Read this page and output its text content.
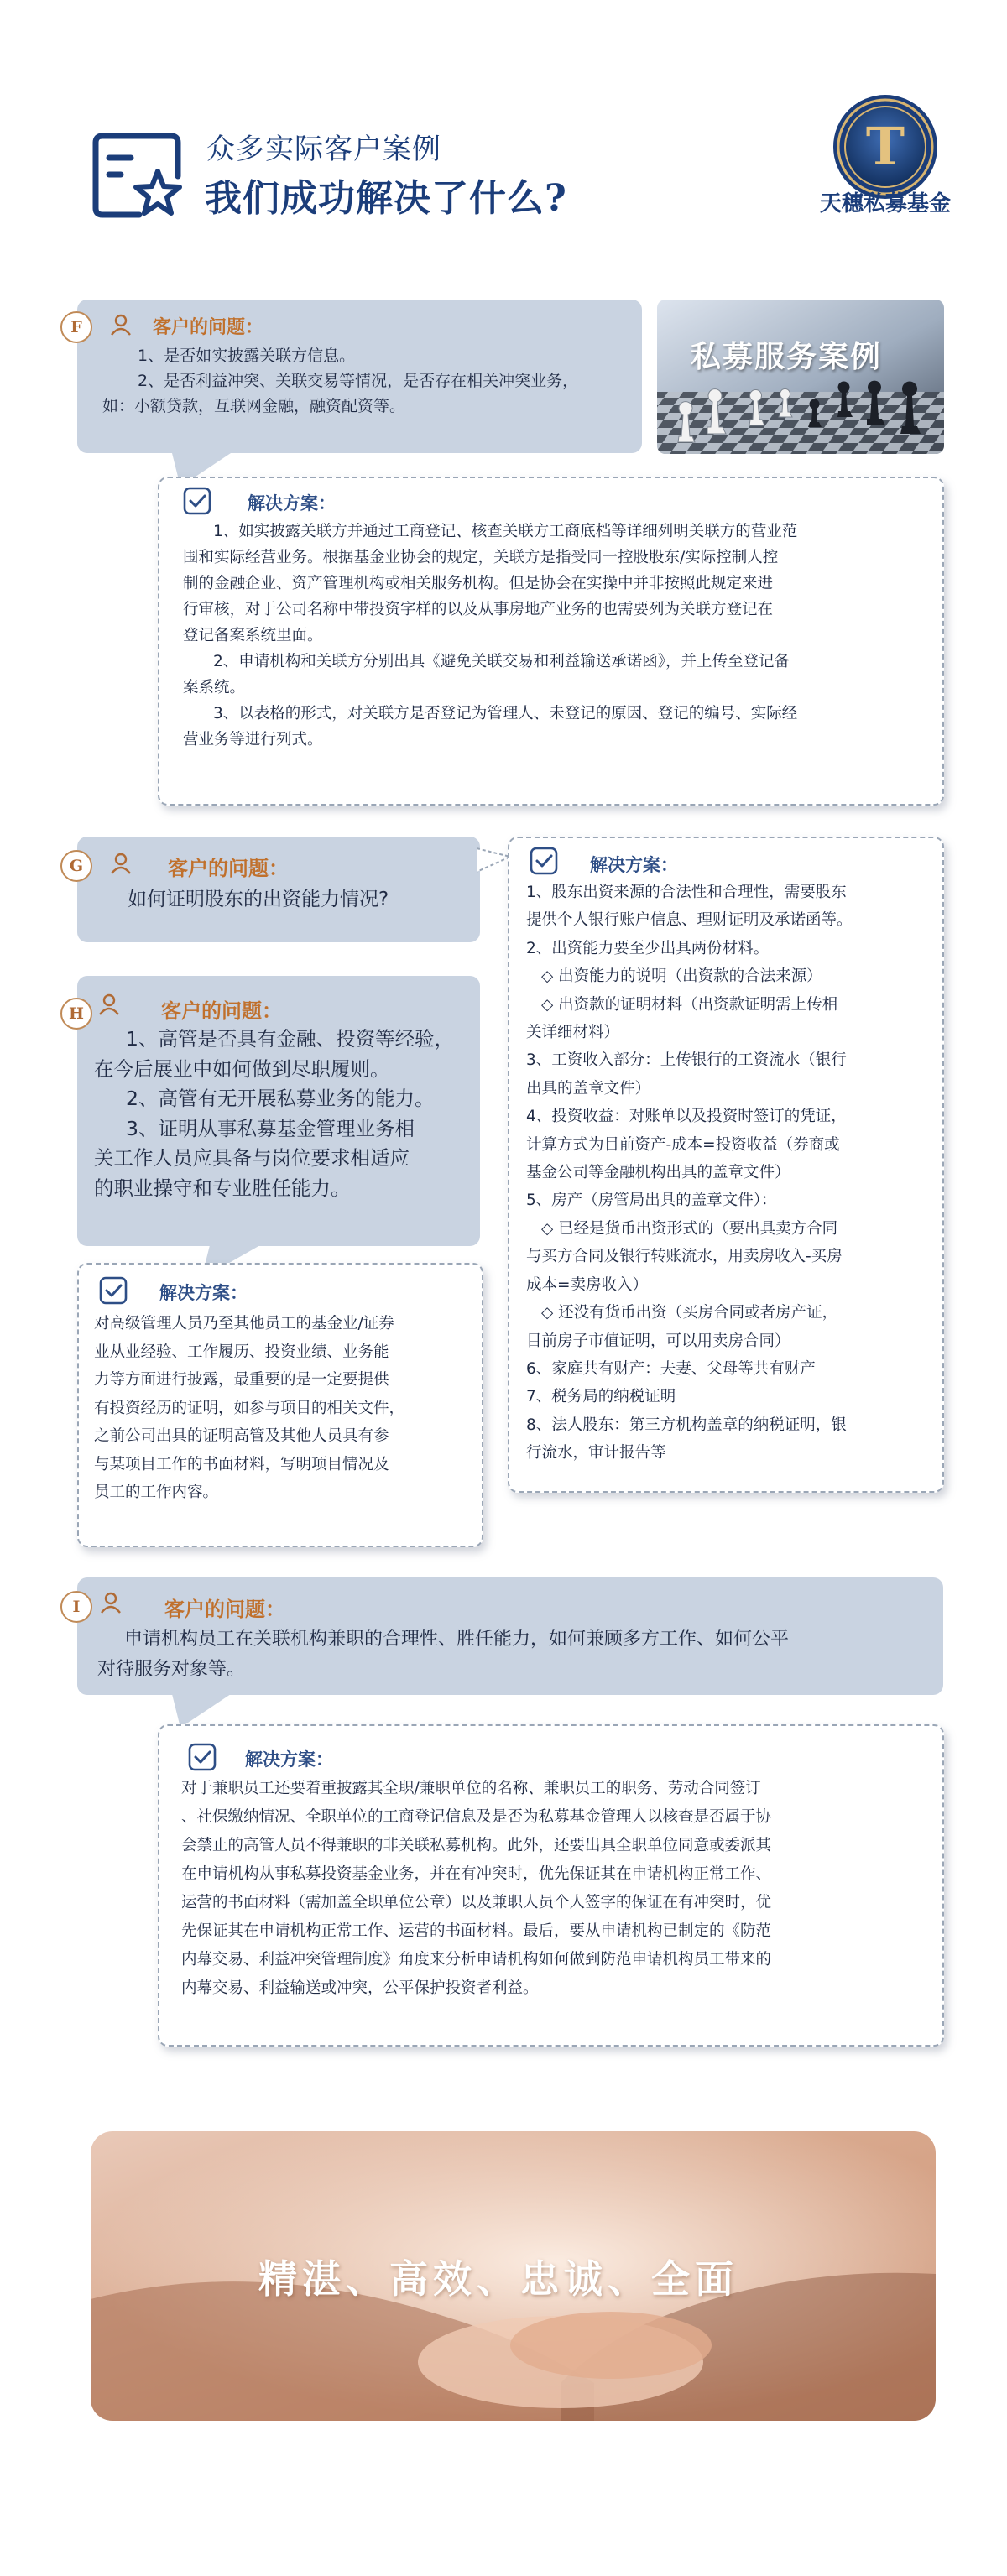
众多实际客户案例
我们成功解决了什么?
T
天穗私募基金
F	客户的问题：
1、是否如实披露关联方信息。
2、是否利益冲突、关联交易等情况，是否存在相关冲突业务，
如：小额贷款，互联网金融，融资配资等。
私募服务案例
解决方案：
1、如实披露关联方并通过工商登记、核查关联方工商底档等详细列明关联方的营业范
围和实际经营业务。根据基金业协会的规定，关联方是指受同一控股股东/实际控制人控
制的金融企业、资产管理机构或相关服务机构。但是协会在实操中并非按照此规定来进
行审核，对于公司名称中带投资字样的以及从事房地产业务的也需要列为关联方登记在
登记备案系统里面。
2、申请机构和关联方分别出具《避免关联交易和利益输送承诺函》，并上传至登记备
案系统。
3、以表格的形式，对关联方是否登记为管理人、未登记的原因、登记的编号、实际经
营业务等进行列式。
G	客户的问题：
如何证明股东的出资能力情况?
解决方案：
1、股东出资来源的合法性和合理性，需要股东
提供个人银行账户信息、理财证明及承诺函等。
2、出资能力要至少出具两份材料。
◇ 出资能力的说明（出资款的合法来源）
◇ 出资款的证明材料（出资款证明需上传相
关详细材料）
3、工资收入部分：上传银行的工资流水（银行
出具的盖章文件）
4、投资收益：对账单以及投资时签订的凭证，
计算方式为目前资产-成本=投资收益（券商或
基金公司等金融机构出具的盖章文件）
5、房产（房管局出具的盖章文件）：
◇ 已经是货币出资形式的（要出具卖方合同
与买方合同及银行转账流水，用卖房收入-买房
成本=卖房收入）
◇ 还没有货币出资（买房合同或者房产证，
目前房子市值证明，可以用卖房合同）
6、家庭共有财产：夫妻、父母等共有财产
7、税务局的纳税证明
8、法人股东：第三方机构盖章的纳税证明，银
行流水，审计报告等
H	客户的问题：
1、高管是否具有金融、投资等经验，
在今后展业中如何做到尽职履则。
2、高管有无开展私募业务的能力。
3、证明从事私募基金管理业务相
关工作人员应具备与岗位要求相适应
的职业操守和专业胜任能力。
解决方案：
对高级管理人员乃至其他员工的基金业/证券
业从业经验、工作履历、投资业绩、业务能
力等方面进行披露，最重要的是一定要提供
有投资经历的证明，如参与项目的相关文件，
之前公司出具的证明高管及其他人员具有参
与某项目工作的书面材料，写明项目情况及
员工的工作内容。
I	客户的问题：
申请机构员工在关联机构兼职的合理性、胜任能力，如何兼顾多方工作、如何公平
对待服务对象等。
解决方案：
对于兼职员工还要着重披露其全职/兼职单位的名称、兼职员工的职务、劳动合同签订
、社保缴纳情况、全职单位的工商登记信息及是否为私募基金管理人以核查是否属于协
会禁止的高管人员不得兼职的非关联私募机构。此外，还要出具全职单位同意或委派其
在申请机构从事私募投资基金业务，并在有冲突时，优先保证其在申请机构正常工作、
运营的书面材料（需加盖全职单位公章）以及兼职人员个人签字的保证在有冲突时，优
先保证其在申请机构正常工作、运营的书面材料。最后，要从申请机构已制定的《防范
内幕交易、利益冲突管理制度》角度来分析申请机构如何做到防范申请机构员工带来的
内幕交易、利益输送或冲突，公平保护投资者利益。
精湛、高效、忠诚、全面
